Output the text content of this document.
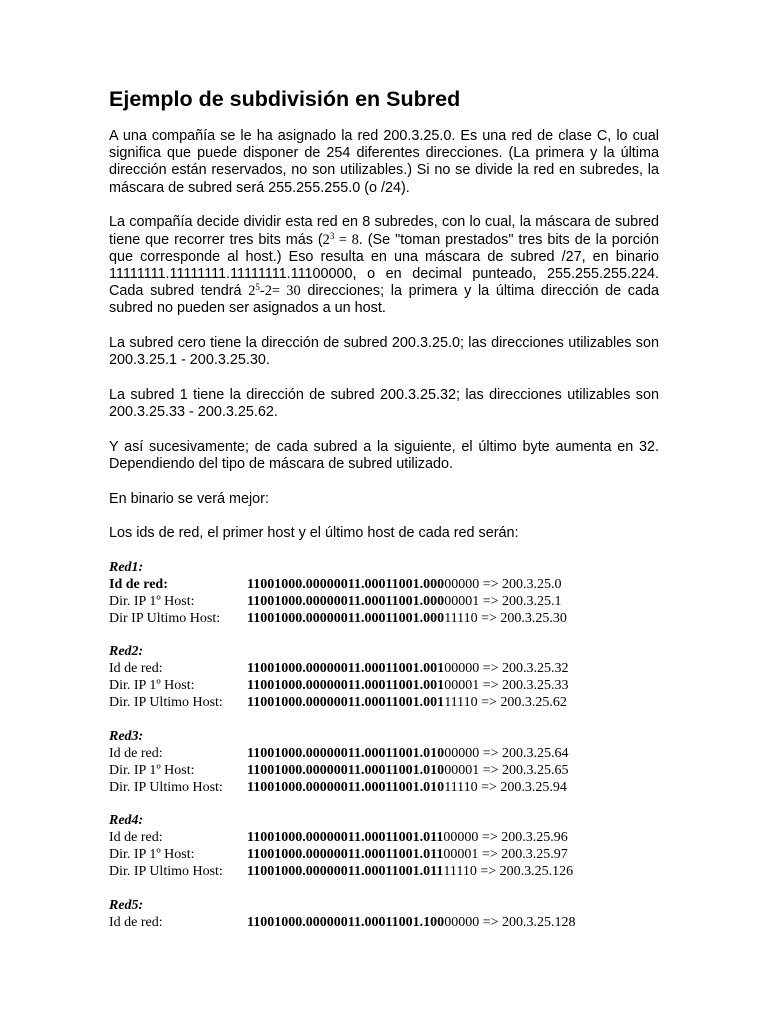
Ejemplo de subdivisión en Subred

A una compañía se le ha asignado la red 200.3.25.0. Es una red de clase C, lo cual significa que puede disponer de 254 diferentes direcciones. (La primera y la última dirección están reservados, no son utilizables.) Si no se divide la red en subredes, la máscara de subred será 255.255.255.0 (o /24).

La compañía decide dividir esta red en 8 subredes, con lo cual, la máscara de subred tiene que recorrer tres bits más ($2^3 = 8$. (Se "toman prestados" tres bits de la porción que corresponde al host.) Eso resulta en una máscara de subred /27, en binario 11111111.11111111.11111111.11100000, o en decimal punteado, 255.255.255.224. Cada subred tendrá $2^5-2= 30$ direcciones; la primera y la última dirección de cada subred no pueden ser asignados a un host.

La subred cero tiene la dirección de subred 200.3.25.0; las direcciones utilizables son 200.3.25.1 - 200.3.25.30.

La subred 1 tiene la dirección de subred 200.3.25.32; las direcciones utilizables son 200.3.25.33 - 200.3.25.62.

Y así sucesivamente; de cada subred a la siguiente, el último byte aumenta en 32. Dependiendo del tipo de máscara de subred utilizado.

En binario se verá mejor:

Los ids de red, el primer host y el último host de cada red serán:

Red1:
Id de red:	11001000.00000011.00011001.00000000 => 200.3.25.0
Dir. IP 1º Host:	11001000.00000011.00011001.00000001 => 200.3.25.1
Dir IP Ultimo Host:	11001000.00000011.00011001.00011110 => 200.3.25.30
Red2:
Id de red:	11001000.00000011.00011001.00100000 => 200.3.25.32
Dir. IP 1º Host:	11001000.00000011.00011001.00100001 => 200.3.25.33
Dir. IP Ultimo Host:	11001000.00000011.00011001.00111110 => 200.3.25.62
Red3:
Id de red:	11001000.00000011.00011001.01000000 => 200.3.25.64
Dir. IP 1º Host:	11001000.00000011.00011001.01000001 => 200.3.25.65
Dir. IP Ultimo Host:	11001000.00000011.00011001.01011110 => 200.3.25.94
Red4:
Id de red:	11001000.00000011.00011001.01100000 => 200.3.25.96
Dir. IP 1º Host:	11001000.00000011.00011001.01100001 => 200.3.25.97
Dir. IP Ultimo Host:	11001000.00000011.00011001.01111110 => 200.3.25.126
Red5:
Id de red:	11001000.00000011.00011001.10000000 => 200.3.25.128
